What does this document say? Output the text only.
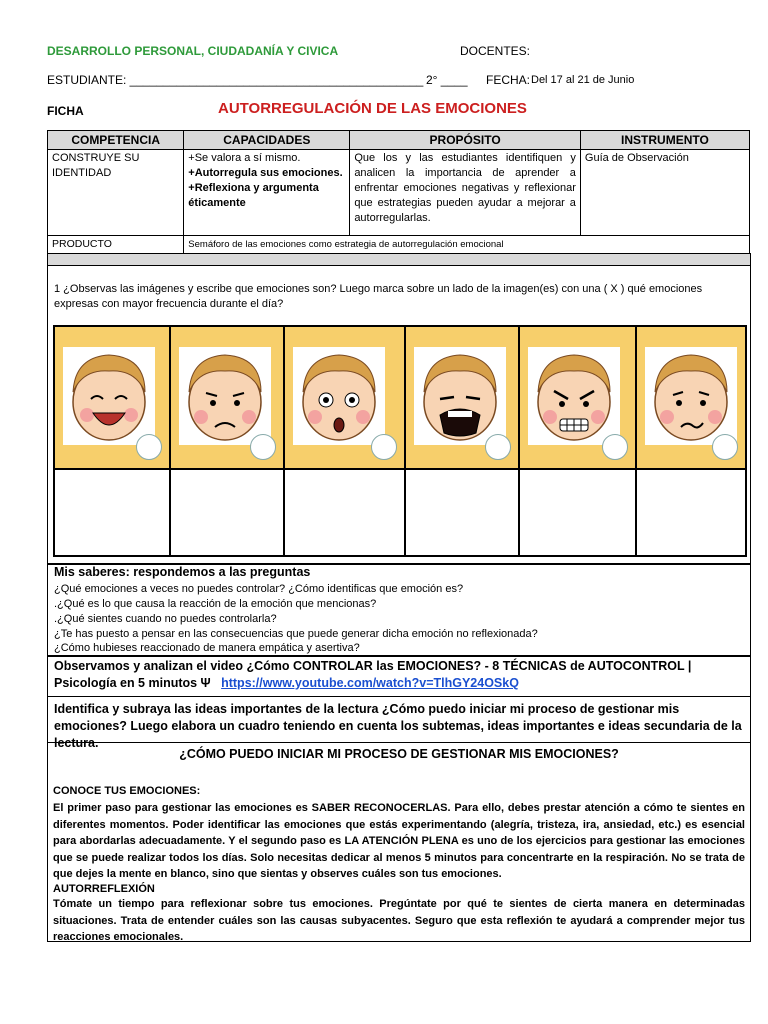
DESARROLLO PERSONAL, CIUDADANÍA Y CIVICA	DOCENTES:
ESTUDIANTE: ____________________________________________ 2° ____ FECHA: Del 17 al 21 de Junio
FICHA	AUTORREGULACIÓN DE LAS EMOCIONES
COMPETENCIA	CAPACIDADES	PROPÓSITO	INSTRUMENTO
CONSTRUYE SU IDENTIDAD	+Se valora a sí mismo.
+Autorregula sus emociones.
+Reflexiona y argumenta éticamente	Que los y las estudiantes identifiquen y analicen la importancia de aprender a enfrentar emociones negativas y reflexionar que estrategias pueden ayudar a mejorar a autorregularlas.	Guía de Observación
PRODUCTO	Semáforo de las emociones como estrategia de autorregulación emocional		
1 ¿Observas las imágenes y escribe que emociones son? Luego marca sobre un lado de la imagen(es) con una ( X ) qué emociones expresas con mayor frecuencia durante el día?
Mis saberes: respondemos a las preguntas
¿Qué emociones a veces no puedes controlar? ¿Cómo identificas que emoción es?
.¿Qué es lo que causa la reacción de la emoción que mencionas?
.¿Qué sientes cuando no puedes controlarla?
¿Te has puesto a pensar en las consecuencias que puede generar dicha emoción no reflexionada?
¿Cómo hubieses reaccionado de manera empática y asertiva?
Observamos y analizan el video ¿Cómo CONTROLAR las EMOCIONES? - 8 TÉCNICAS de AUTOCONTROL | Psicología en 5 minutos Ψ https://www.youtube.com/watch?v=TlhGY24OSkQ
Identifica y subraya las ideas importantes de la lectura ¿Cómo puedo iniciar mi proceso de gestionar mis emociones? Luego elabora un cuadro teniendo en cuenta los subtemas, ideas importantes e ideas secundaria de la lectura.
¿CÓMO PUEDO INICIAR MI PROCESO DE GESTIONAR MIS EMOCIONES?
CONOCE TUS EMOCIONES:
El primer paso para gestionar las emociones es SABER RECONOCERLAS. Para ello, debes prestar atención a cómo te sientes en diferentes momentos. Poder identificar las emociones que estás experimentando (alegría, tristeza, ira, ansiedad, etc.) es esencial para abordarlas adecuadamente. Y el segundo paso es LA ATENCIÓN PLENA es uno de los ejercicios para gestionar las emociones que se puede realizar todos los días. Solo necesitas dedicar al menos 5 minutos para concentrarte en la respiración. No se trata de que dejes la mente en blanco, sino que sientas y observes cuáles son tus emociones.
AUTORREFLEXIÓN
Tómate un tiempo para reflexionar sobre tus emociones. Pregúntate por qué te sientes de cierta manera en determinadas situaciones. Trata de entender cuáles son las causas subyacentes. Seguro que esta reflexión te ayudará a comprender mejor tus reacciones emocionales.
